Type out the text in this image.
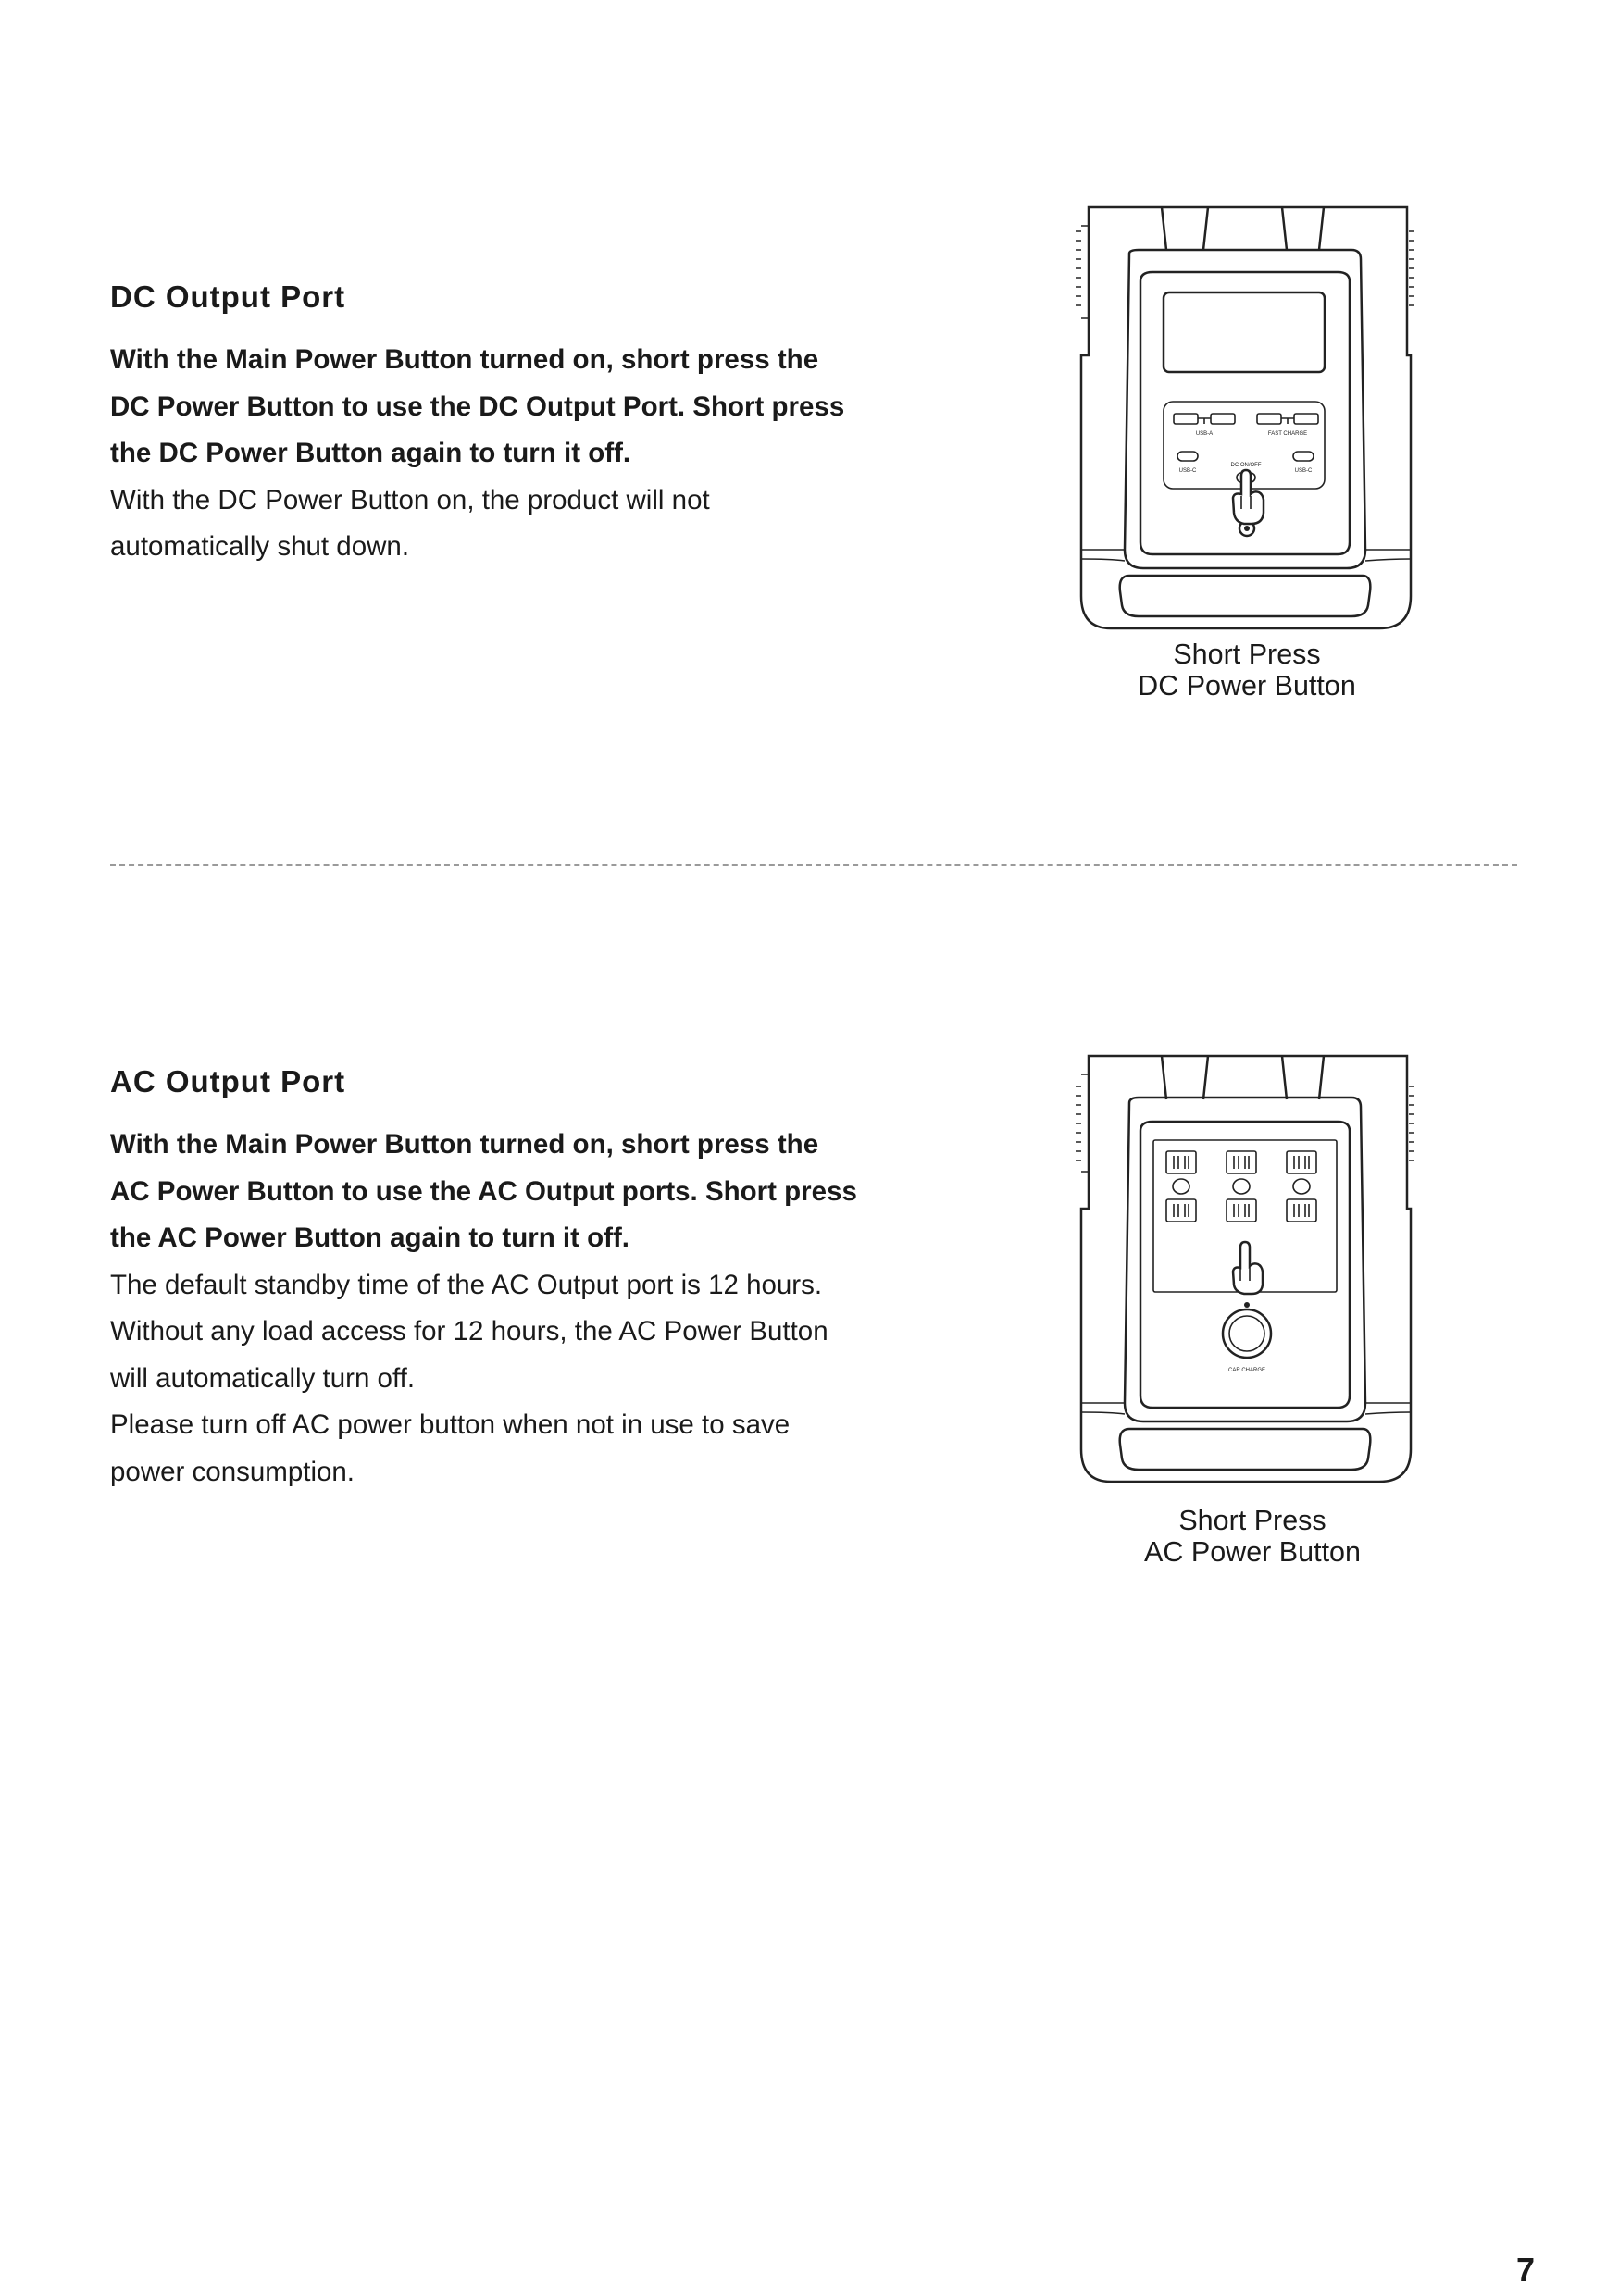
DC Output Port

With the Main Power Button turned on, short press the

DC Power Button to use the DC Output Port. Short press

the DC Power Button again to turn it off.

With the DC Power Button on, the product will not

automatically shut down.

USB-A	FAST CHARGE
USB-C	USB-C
DC ON/OFF
Short Press
DC Power Button
AC Output Port

With the Main Power Button turned on, short press the

AC Power Button to use the AC Output ports. Short press

the AC Power Button again to turn it off.

The default standby time of the AC Output port is 12 hours.

Without any load access for 12 hours, the AC Power Button

will automatically turn off.

Please turn off AC power button when not in use to save

power consumption.

CAR CHARGE
Short Press
AC Power Button
7
